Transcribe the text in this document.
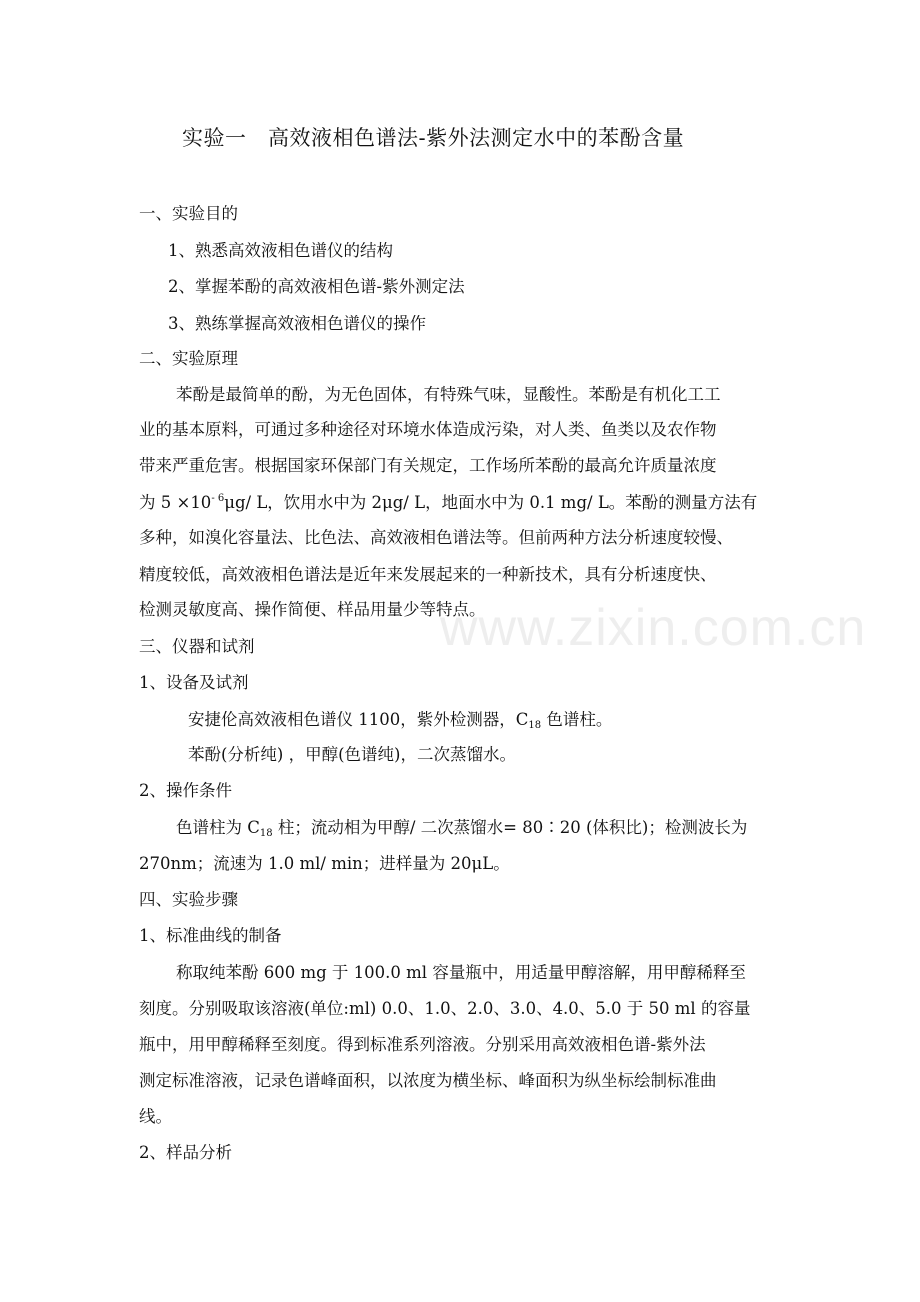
www.zixin.com.cn
实验一　高效液相色谱法-紫外法测定水中的苯酚含量
一、实验目的
1、熟悉高效液相色谱仪的结构
2、掌握苯酚的高效液相色谱-紫外测定法
3、熟练掌握高效液相色谱仪的操作
二、实验原理
苯酚是最简单的酚，为无色固体，有特殊气味，显酸性。苯酚是有机化工工
业的基本原料，可通过多种途径对环境水体造成污染，对人类、鱼类以及农作物
带来严重危害。根据国家环保部门有关规定，工作场所苯酚的最高允许质量浓度
为 $5 \times 10^{- 6}\mu g/$ L，饮用水中为 2μg/ L，地面水中为 0.1 mg/ L。苯酚的测量方法有
多种，如溴化容量法、比色法、高效液相色谱法等。但前两种方法分析速度较慢、
精度较低，高效液相色谱法是近年来发展起来的一种新技术，具有分析速度快、
检测灵敏度高、操作简便、样品用量少等特点。
三、仪器和试剂
1、设备及试剂
安捷伦高效液相色谱仪 1100，紫外检测器，$C_{18}$ 色谱柱。
苯酚(分析纯) ，甲醇(色谱纯)，二次蒸馏水。
2、操作条件
色谱柱为 $C_{18}$ 柱；流动相为甲醇/ 二次蒸馏水= 80∶20 (体积比)；检测波长为
270nm；流速为 1.0 ml/ min；进样量为 20μL。
四、实验步骤
1、标准曲线的制备
称取纯苯酚 600 mg 于 100.0 ml 容量瓶中，用适量甲醇溶解，用甲醇稀释至
刻度。分别吸取该溶液(单位:ml) 0.0、1.0、2.0、3.0、4.0、5.0 于 50 ml 的容量
瓶中，用甲醇稀释至刻度。得到标准系列溶液。分别采用高效液相色谱-紫外法
测定标准溶液，记录色谱峰面积，以浓度为横坐标、峰面积为纵坐标绘制标准曲
线。
2、样品分析
